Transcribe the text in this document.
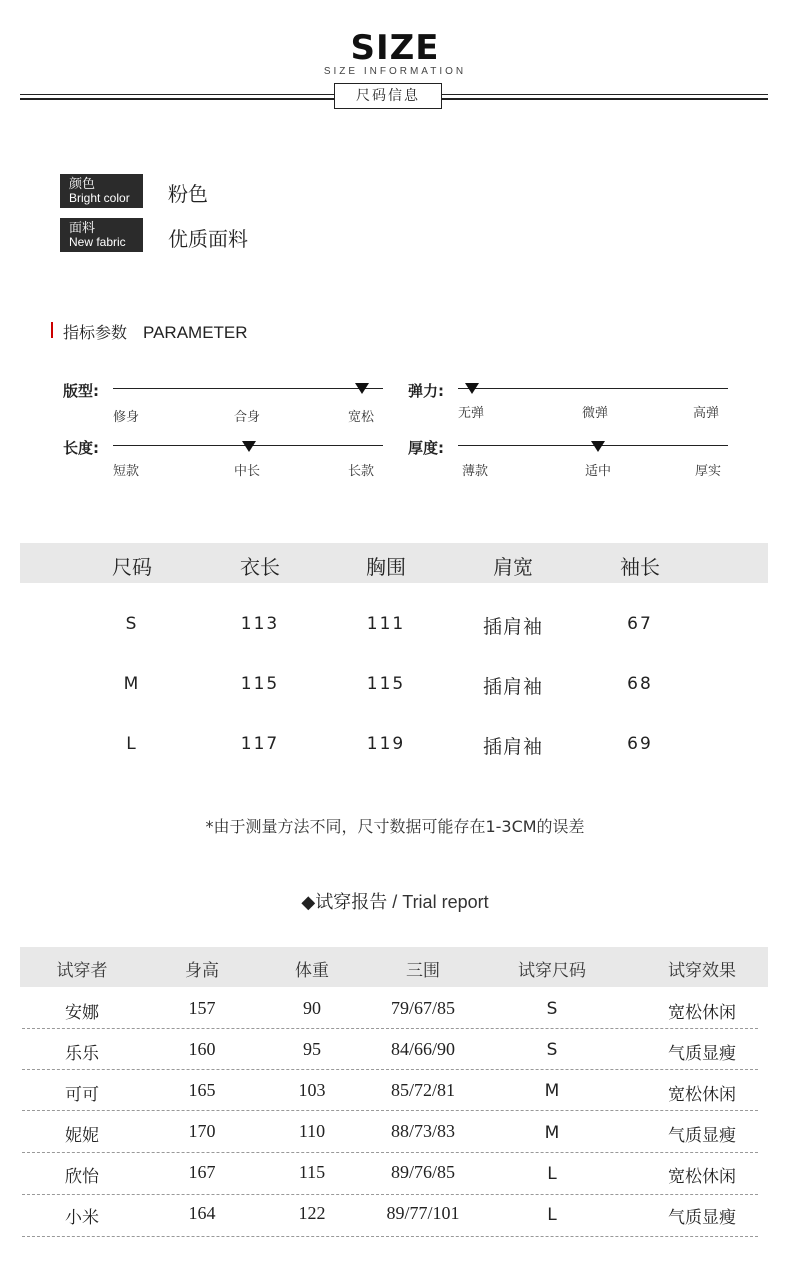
SIZE
SIZE INFORMATION
尺码信息
颜色
Bright color	粉色
面料
New fabric	优质面料
指标参数 PARAMETER
版型:
修身	合身	宽松
弹力:
无弹	微弹	高弹
长度:
短款	中长	长款
厚度:
薄款	适中	厚实
尺码	衣长	胸围	肩宽	袖长
S	113	111	插肩袖	67
M	115	115	插肩袖	68
L	117	119	插肩袖	69
*由于测量方法不同，尺寸数据可能存在1-3CM的误差
◆试穿报告 / Trial report
试穿者	身高	体重	三围	试穿尺码	试穿效果
安娜	157	90	79/67/85	S	宽松休闲
乐乐	160	95	84/66/90	S	气质显瘦
可可	165	103	85/72/81	M	宽松休闲
妮妮	170	110	88/73/83	M	气质显瘦
欣怡	167	115	89/76/85	L	宽松休闲
小米	164	122	89/77/101	L	气质显瘦
